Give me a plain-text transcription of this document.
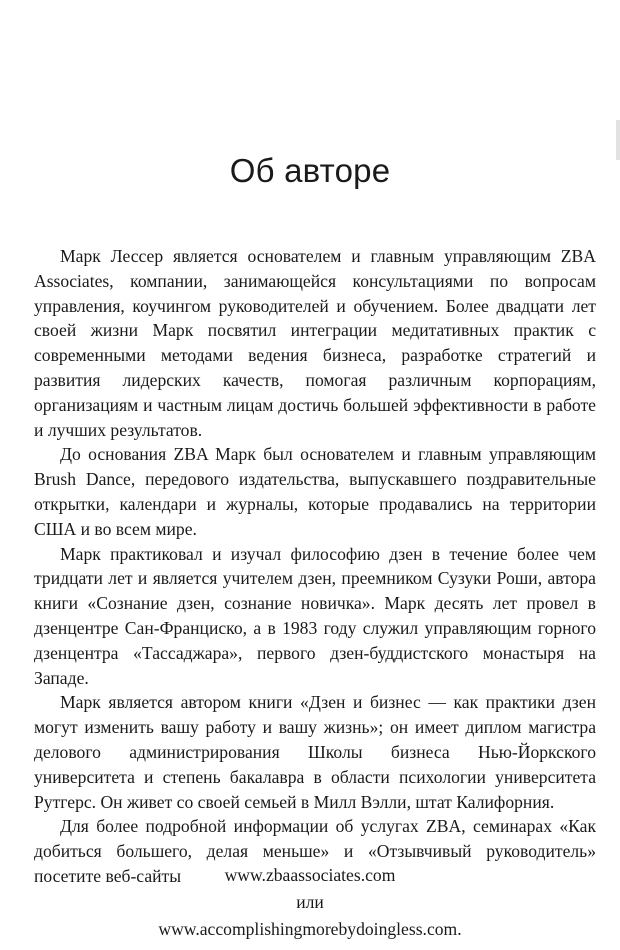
Об авторе

Марк Лессер является основателем и главным управляющим ZBA Associates, компании, занимающейся консультациями по вопросам управления, коучингом руководителей и обучением. Более двадцати лет своей жизни Марк посвятил интеграции медитативных практик с современными методами ведения бизнеса, разработке стратегий и развития лидерских качеств, помогая различным корпорациям, организациям и частным лицам достичь большей эффективности в работе и лучших результатов.

До основания ZBA Марк был основателем и главным управляющим Brush Dance, передового издательства, выпускавшего поздравительные открытки, календари и журналы, которые продавались на территории США и во всем мире.

Марк практиковал и изучал философию дзен в течение более чем тридцати лет и является учителем дзен, преемником Сузуки Роши, автора книги «Сознание дзен, сознание новичка». Марк десять лет провел в дзенцентре Сан-Франциско, а в 1983 году служил управляющим горного дзенцентра «Тассаджара», первого дзен-буддистского монастыря на Западе.

Марк является автором книги «Дзен и бизнес — как практики дзен могут изменить вашу работу и вашу жизнь»; он имеет диплом магистра делового администрирования Школы бизнеса Нью-Йоркского университета и степень бакалавра в области психологии университета Рутгерс. Он живет со своей семьей в Милл Вэлли, штат Калифорния.

Для более подробной информации об услугах ZBA, семинарах «Как добиться большего, делая меньше» и «Отзывчивый руководитель» посетите веб-сайты	www.zbaassociates.com
или
www.accomplishingmorebydoingless.com.
